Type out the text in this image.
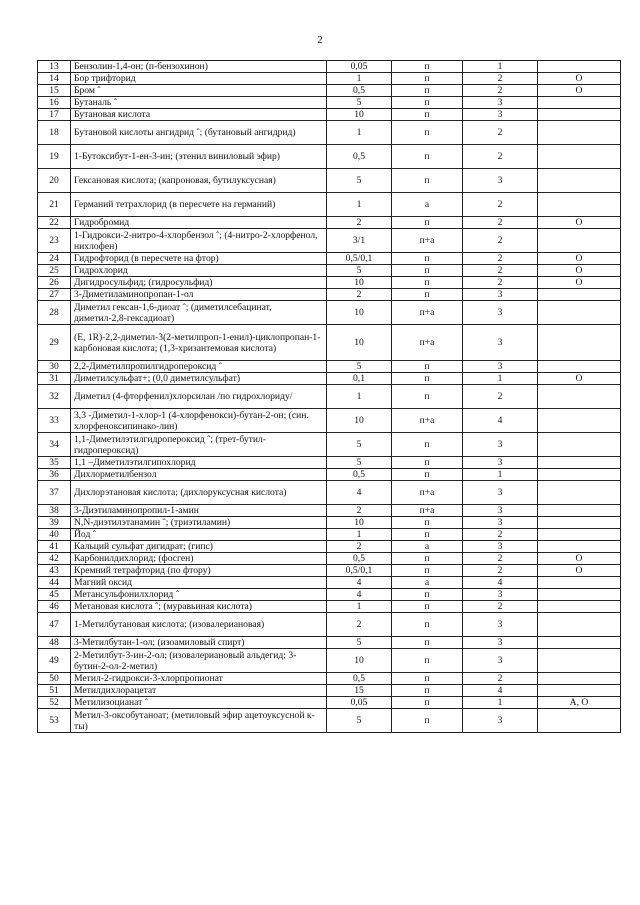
2
13	Бензолин-1,4-он; (п-бензохинон)	0,05	п	1	
14	Бор трифторид	1	п	2	О
15	Бром ˆ	0,5	п	2	О
16	Бутаналь ˆ	5	п	3	
17	Бутановая кислота	10	п	3	
18	Бутановой кислоты ангидрид ˆ; (бутановый ангидрид)	1	п	2	
19	1-Бутоксибут-1-ен-3-ин; (этенил виниловый эфир)	0,5	п	2	
20	Гексановая кислота; (капроновая, бутилуксусная)	5	п	3	
21	Германий тетрахлорид (в пересчете на германий)	1	а	2	
22	Гидробромид	2	п	2	О
23	1-Гидрокси-2-нитро-4-хлорбензол ˆ; (4-нитро-2-хлорфенол, нихлофен)	3/1	п+а	2	
24	Гидрофторид (в пересчете на фтор)	0,5/0,1	п	2	О
25	Гидрохлорид	5	п	2	О
26	Дигидросульфид; (гидросульфид)	10	п	2	О
27	3-Диметиламинопропан-1-ол	2	п	3	
28	Диметил гексан-1,6-диоат ˆ; (диметилсебацинат, диметил-2,8-гексадиоат)	10	п+а	3	
29	(Е, 1R)-2,2-диметил-3(2-метилпроп-1-енил)-циклопропан-1-карбоновая кислота; (1,3-хризантемовая кислота)	10	п+а	3	
30	2,2-Диметилпропилгидропероксид ˆ	5	п	3	
31	Диметилсульфат+; (0,0 диметилсульфат)	0,1	п	1	О
32	Диметил (4-фторфенил)хлорсилан /по гидрохлориду/	1	п	2	
33	3,3 -Диметил-1-хлор-1 (4-хлорфенокси)-бутан-2-он; (син. хлорфеноксипинако-лин)	10	п+а	4	
34	1,1-Диметилэтилгидропероксид ˆ; (трет-бутил-гидропероксид)	5	п	3	
35	1,1 –Диметилэтилгипохлорид	5	п	3	
36	Дихлорметилбензол	0,5	п	1	
37	Дихлорэтановая кислота; (дихлоруксусная кислота)	4	п+а	3	
38	3-Диэтиламинопропил-1-амин	2	п+а	3	
39	N,N-диэтилэтанамин ˆ; (триэтиламин)	10	п	3	
40	Йод ˆ	1	п	2	
41	Кальций сульфат дигидрат; (гипс)	2	а	3	
42	Карбонилдихлорид; (фосген)	0,5	п	2	О
43	Кремний тетрафторид (по фтору)	0,5/0,1	п	2	О
44	Магний оксид	4	а	4	
45	Метансульфонилхлорид ˆ	4	п	3	
46	Метановая кислота ˆ; (муравьиная кислота)	1	п	2	
47	1-Метилбутановая кислота; (изовалериановая)	2	п	3	
48	3-Метилбутан-1-ол; (изоамиловый спирт)	5	п	3	
49	2-Метилбут-3-ин-2-ол; (изовалериановый альдегид; 3-бутин-2-ол-2-метил)	10	п	3	
50	Метил-2-гидрокси-3-хлорпропионат	0,5	п	2	
51	Метилдихлорацетат	15	п	4	
52	Метилизоцианат ˆ	0,05	п	1	А, О
53	Метил-3-оксобутаноат; (метиловый эфир ацетоуксусной к-ты)	5	п	3	
